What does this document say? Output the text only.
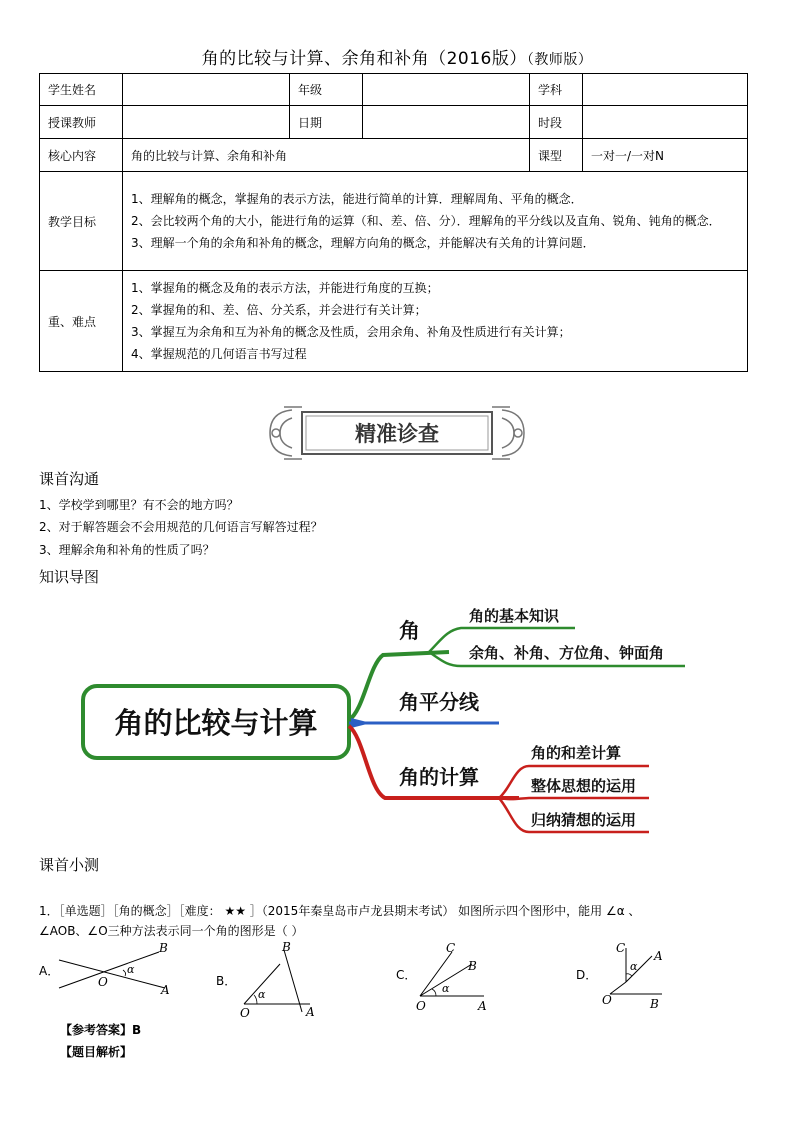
角的比较与计算、余角和补角（2016版）（教师版）
学生姓名		年级		学科	
授课教师		日期		时段	
核心内容	角的比较与计算、余角和补角			课型	一对一/一对N
教学目标	1、理解角的概念，掌握角的表示方法，能进行简单的计算．理解周角、平角的概念．
2、会比较两个角的大小，能进行角的运算（和、差、倍、分）．理解角的平分线以及直角、锐角、钝角的概念．
3、理解一个角的余角和补角的概念，理解方向角的概念，并能解决有关角的计算问题．				

重、难点	1、掌握角的概念及角的表示方法，并能进行角度的互换；
2、掌握角的和、差、倍、分关系，并会进行有关计算；
3、掌握互为余角和互为补角的概念及性质，会用余角、补角及性质进行有关计算；
4、掌握规范的几何语言书写过程				
精准诊查
课首沟通
1、学校学到哪里？有不会的地方吗？
2、对于解答题会不会用规范的几何语言写解答过程？
3、理解余角和补角的性质了吗？
知识导图
角的比较与计算
角
角的基本知识
余角、补角、方位角、钟面角
角平分线
角的计算
角的和差计算
整体思想的运用
归纳猜想的运用
课首小测
1．［单选题］［角的概念］［难度： ★★ ］（2015年秦皇岛市卢龙县期末考试） 如图所示四个图形中，能用 ∠α 、
∠AOB、∠O三种方法表示同一个角的图形是（ ）
A．
O
α
B
A
B．
α
B
O	A
C．
α
C
B
O	A
D．
α
C
A
O	B
【参考答案】B
【题目解析】
